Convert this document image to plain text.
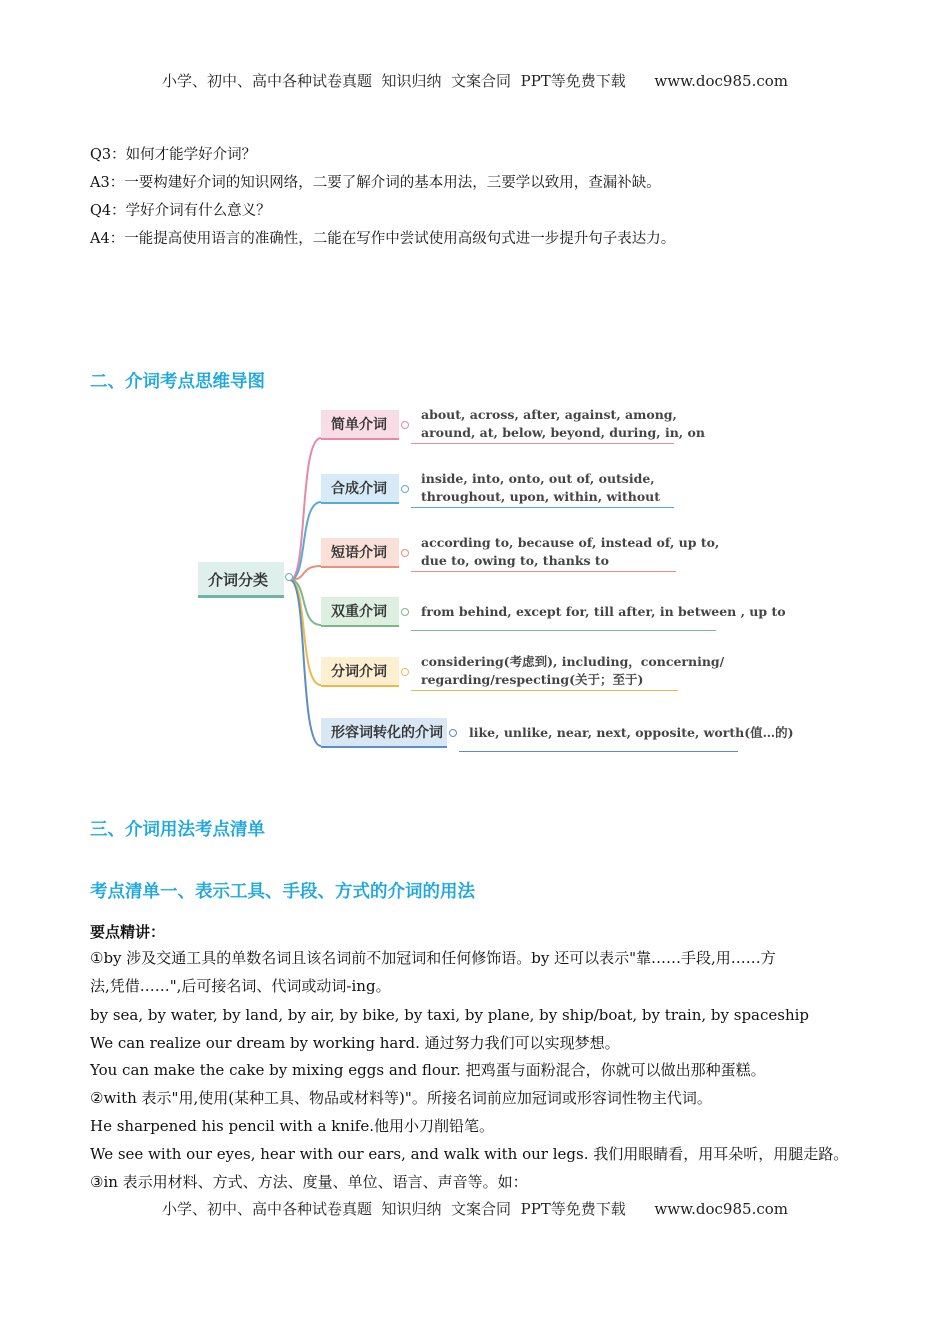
小学、初中、高中各种试卷真题  知识归纳  文案合同  PPT等免费下载      www.doc985.com
Q3：如何才能学好介词？
A3：一要构建好介词的知识网络，二要了解介词的基本用法，三要学以致用，查漏补缺。
Q4：学好介词有什么意义？
A4：一能提高使用语言的准确性，二能在写作中尝试使用高级句式进一步提升句子表达力。
二、介词考点思维导图
介词分类
简单介词
about, across, after, against, among,
around, at, below, beyond, during, in, on
合成介词
inside, into, onto, out of, outside,
throughout, upon, within, without
短语介词
according to, because of, instead of, up to,
due to, owing to, thanks to
双重介词	from behind, except for, till after, in between , up to
分词介词
considering(考虑到), including，concerning/
regarding/respecting(关于；至于)
形容词转化的介词	like, unlike, near, next, opposite, worth(值…的)
三、介词用法考点清单
考点清单一、表示工具、手段、方式的介词的用法
要点精讲：
①by 涉及交通工具的单数名词且该名词前不加冠词和任何修饰语。by 还可以表示"靠……手段,用……方
法,凭借……",后可接名词、代词或动词-ing。
by sea, by water, by land, by air, by bike, by taxi, by plane, by ship/boat, by train, by spaceship
We can realize our dream by working hard. 通过努力我们可以实现梦想。
You can make the cake by mixing eggs and flour. 把鸡蛋与面粉混合，你就可以做出那种蛋糕。
②with 表示"用,使用(某种工具、物品或材料等)"。所接名词前应加冠词或形容词性物主代词。
He sharpened his pencil with a knife.他用小刀削铅笔。
We see with our eyes, hear with our ears, and walk with our legs. 我们用眼睛看，用耳朵听，用腿走路。
③in 表示用材料、方式、方法、度量、单位、语言、声音等。如：
小学、初中、高中各种试卷真题  知识归纳  文案合同  PPT等免费下载      www.doc985.com
